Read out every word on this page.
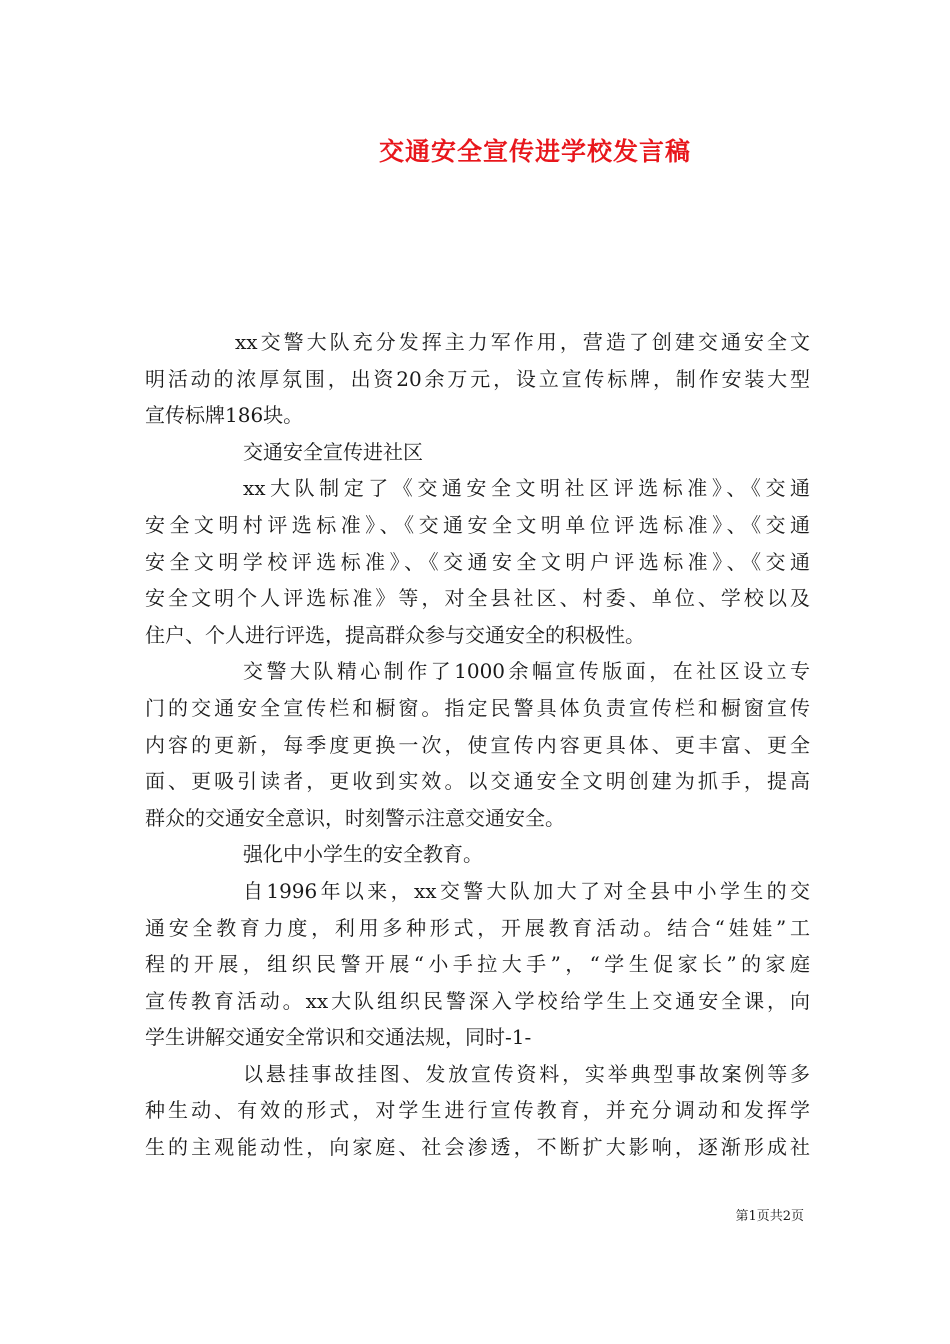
交通安全宣传进学校发言稿
xx交警大队充分发挥主力军作用，营造了创建交通安全文
明活动的浓厚氛围，出资20余万元，设立宣传标牌，制作安装大型
宣传标牌186块。
交通安全宣传进社区
xx大队制定了《交通安全文明社区评选标准》、《交通
安全文明村评选标准》、《交通安全文明单位评选标准》、《交通
安全文明学校评选标准》、《交通安全文明户评选标准》、《交通
安全文明个人评选标准》等，对全县社区、村委、单位、学校以及
住户、个人进行评选，提高群众参与交通安全的积极性。
交警大队精心制作了1000余幅宣传版面，在社区设立专
门的交通安全宣传栏和橱窗。指定民警具体负责宣传栏和橱窗宣传
内容的更新，每季度更换一次，使宣传内容更具体、更丰富、更全
面、更吸引读者，更收到实效。以交通安全文明创建为抓手，提高
群众的交通安全意识，时刻警示注意交通安全。
强化中小学生的安全教育。
自1996年以来，xx交警大队加大了对全县中小学生的交
通安全教育力度，利用多种形式，开展教育活动。结合“娃娃”工
程的开展，组织民警开展“小手拉大手”，“学生促家长”的家庭
宣传教育活动。xx大队组织民警深入学校给学生上交通安全课，向
学生讲解交通安全常识和交通法规，同时-1-
以悬挂事故挂图、发放宣传资料，实举典型事故案例等多
种生动、有效的形式，对学生进行宣传教育，并充分调动和发挥学
生的主观能动性，向家庭、社会渗透，不断扩大影响，逐渐形成社
第1页共2页
